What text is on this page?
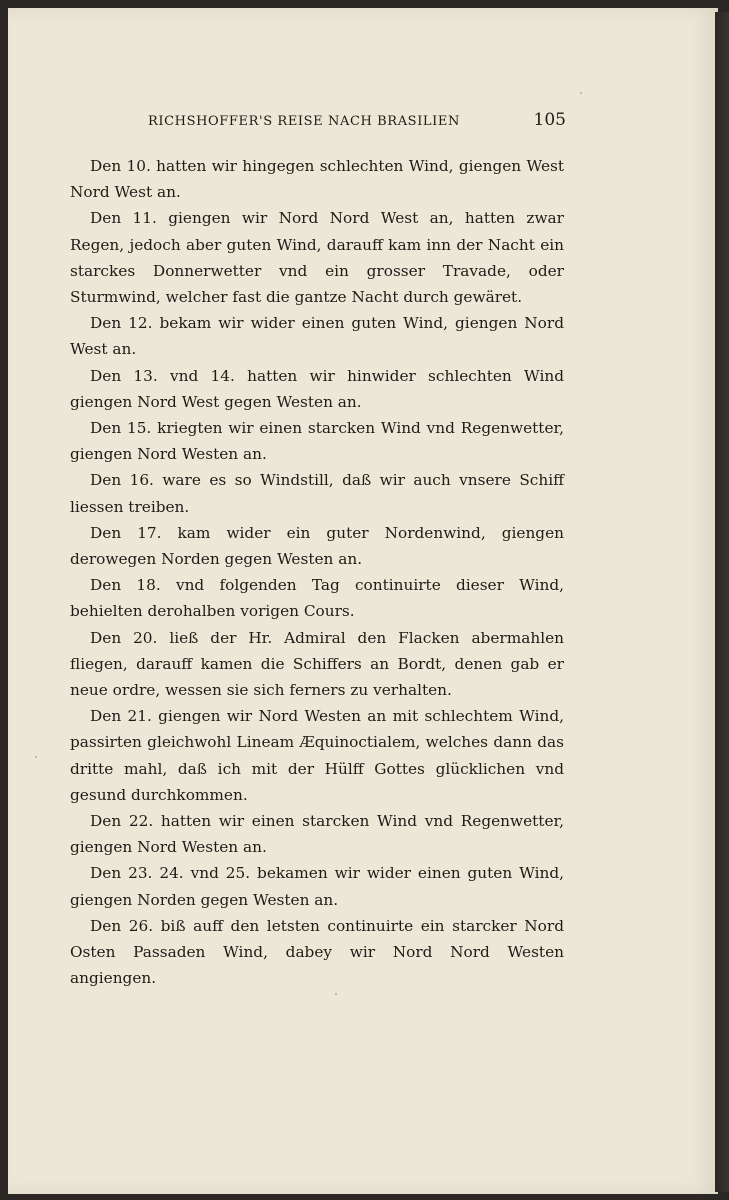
RICHSHOFFER'S REISE NACH BRASILIEN	105

Den 10. hatten wir hingegen schlechten Wind, giengen West Nord West an.

Den 11. giengen wir Nord Nord West an, hatten zwar Regen, jedoch aber guten Wind, darauff kam inn der Nacht ein starckes Donnerwetter vnd ein grosser Travade, oder Sturmwind, welcher fast die gantze Nacht durch gewäret.

Den 12. bekam wir wider einen guten Wind, giengen Nord West an.

Den 13. vnd 14. hatten wir hinwider schlechten Wind giengen Nord West gegen Westen an.

Den 15. kriegten wir einen starcken Wind vnd Regenwetter, giengen Nord Westen an.

Den 16. ware es so Windstill, daß wir auch vnsere Schiff liessen treiben.

Den 17. kam wider ein guter Nordenwind, giengen derowegen Norden gegen Westen an.

Den 18. vnd folgenden Tag continuirte dieser Wind, behielten derohalben vorigen Cours.

Den 20. ließ der Hr. Admiral den Flacken abermahlen fliegen, darauff kamen die Schiffers an Bordt, denen gab er neue ordre, wessen sie sich ferners zu verhalten.

Den 21. giengen wir Nord Westen an mit schlechtem Wind, passirten gleichwohl Lineam Æquinoctialem, welches dann das dritte mahl, daß ich mit der Hülff Gottes glücklichen vnd gesund durchkommen.

Den 22. hatten wir einen starcken Wind vnd Regenwetter, giengen Nord Westen an.

Den 23. 24. vnd 25. bekamen wir wider einen guten Wind, giengen Norden gegen Westen an.

Den 26. biß auff den letsten continuirte ein starcker Nord Osten Passaden Wind, dabey wir Nord Nord Westen angiengen.
